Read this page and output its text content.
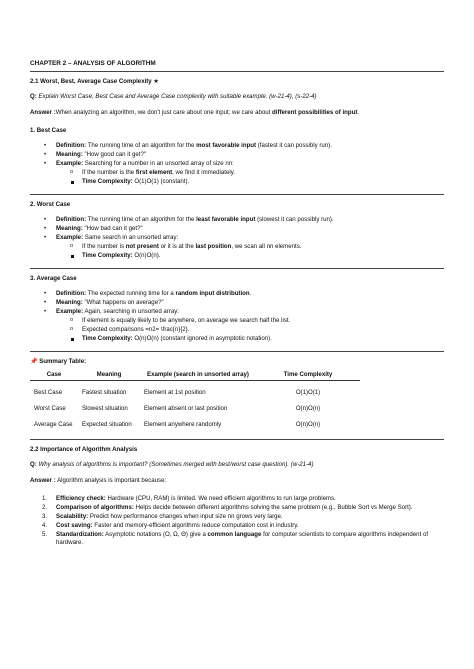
CHAPTER 2 – ANALYSIS OF ALGORITHM
2.1 Worst, Best, Average Case Complexity ★
Q: Explain Worst Case, Best Case and Average Case complexity with suitable example. (w-21-4), (s-22-4)
Answer :When analyzing an algorithm, we don't just care about one input; we care about different possibilities of input.
1. Best Case
• Definition: The running time of an algorithm for the most favorable input (fastest it can possibly run).
• Meaning: "How good can it get?"
• Example: Searching for a number in an unsorted array of size nn:
o If the number is the first element, we find it immediately.
Time Complexity: O(1)O(1) (constant).
2. Worst Case
• Definition: The running time of an algorithm for the least favorable input (slowest it can possibly run).
• Meaning: "How bad can it get?"
• Example: Same search in an unsorted array:
o If the number is not present or it is at the last position, we scan all nn elements.
Time Complexity: O(n)O(n).
3. Average Case
• Definition: The expected running time for a random input distribution.
• Meaning: "What happens on average?"
• Example: Again, searching in unsorted array:
o If element is equally likely to be anywhere, on average we search half the list.
o Expected comparisons =n2= \frac{n}{2}.
Time Complexity: O(n)O(n) (constant ignored in asymptotic notation).
📌 Summary Table:
Case	Meaning	Example (search in unsorted array)	Time Complexity
Best Case	Fastest situation	Element at 1st position	O(1)O(1)
Worst Case	Slowest situation	Element absent or last position	O(n)O(n)
Average Case	Expected situation	Element anywhere randomly	O(n)O(n)
2.2 Importance of Algorithm Analysis
Q: Why analysis of algorithms is important? (Sometimes merged with best/worst case question). (w-21-4)
Answer : Algorithm analysis is important because:
1. Efficiency check: Hardware (CPU, RAM) is limited. We need efficient algorithms to run large problems.
2. Comparison of algorithms: Helps decide between different algorithms solving the same problem (e.g., Bubble Sort vs Merge Sort).
3. Scalability: Predict how performance changes when input size nn grows very large.
4. Cost saving: Faster and memory-efficient algorithms reduce computation cost in industry.
5. Standardization: Asymptotic notations (O, Ω, Θ) give a common language for computer scientists to compare algorithms independent of hardware.
